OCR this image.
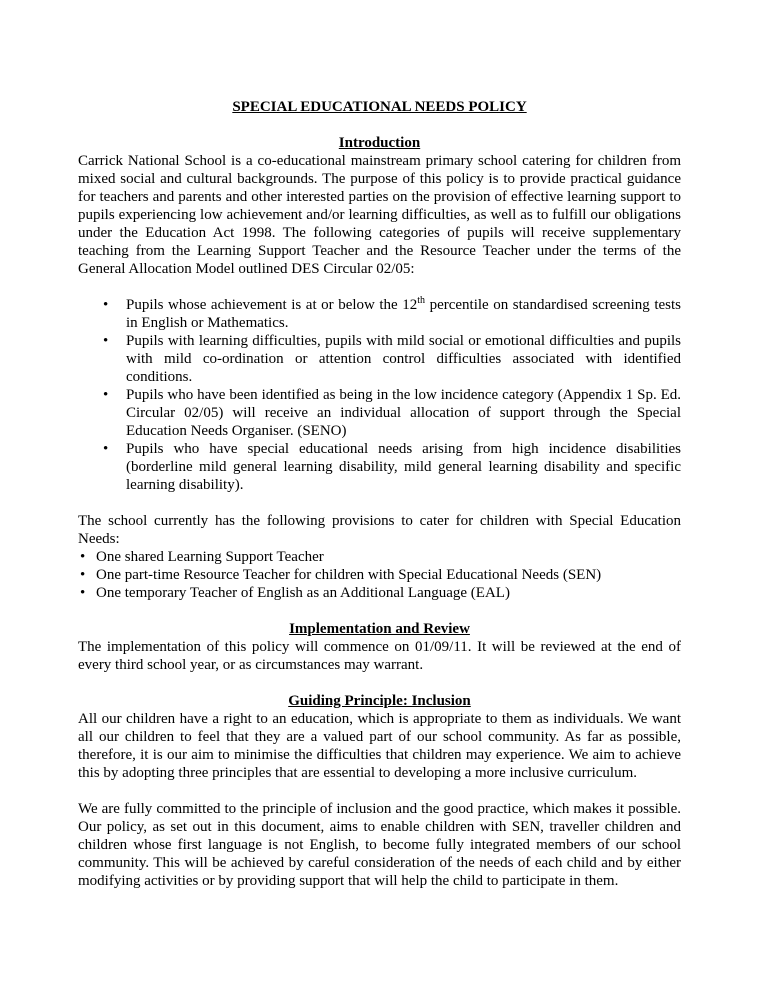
SPECIAL EDUCATIONAL NEEDS POLICY
Introduction

Carrick National School is a co-educational mainstream primary school catering for children from mixed social and cultural backgrounds. The purpose of this policy is to provide practical guidance for teachers and parents and other interested parties on the provision of effective learning support to pupils experiencing low achievement and/or learning difficulties, as well as to fulfill our obligations under the Education Act 1998. The following categories of pupils will receive supplementary teaching from the Learning Support Teacher and the Resource Teacher under the terms of the General Allocation Model outlined DES Circular 02/05:

• Pupils whose achievement is at or below the 12th percentile on standardised screening tests in English or Mathematics.
• Pupils with learning difficulties, pupils with mild social or emotional difficulties and pupils with mild co-ordination or attention control difficulties associated with identified conditions.
• Pupils who have been identified as being in the low incidence category (Appendix 1 Sp. Ed. Circular 02/05) will receive an individual allocation of support through the Special Education Needs Organiser. (SENO)
• Pupils who have special educational needs arising from high incidence disabilities (borderline mild general learning disability, mild general learning disability and specific learning disability).

The school currently has the following provisions to cater for children with Special Education Needs:

• One shared Learning Support Teacher
• One part-time Resource Teacher for children with Special Educational Needs (SEN)
• One temporary Teacher of English as an Additional Language (EAL)
Implementation and Review

The implementation of this policy will commence on 01/09/11. It will be reviewed at the end of every third school year, or as circumstances may warrant.

Guiding Principle: Inclusion

All our children have a right to an education, which is appropriate to them as individuals. We want all our children to feel that they are a valued part of our school community. As far as possible, therefore, it is our aim to minimise the difficulties that children may experience. We aim to achieve this by adopting three principles that are essential to developing a more inclusive curriculum.

We are fully committed to the principle of inclusion and the good practice, which makes it possible. Our policy, as set out in this document, aims to enable children with SEN, traveller children and children whose first language is not English, to become fully integrated members of our school community. This will be achieved by careful consideration of the needs of each child and by either modifying activities or by providing support that will help the child to participate in them.
